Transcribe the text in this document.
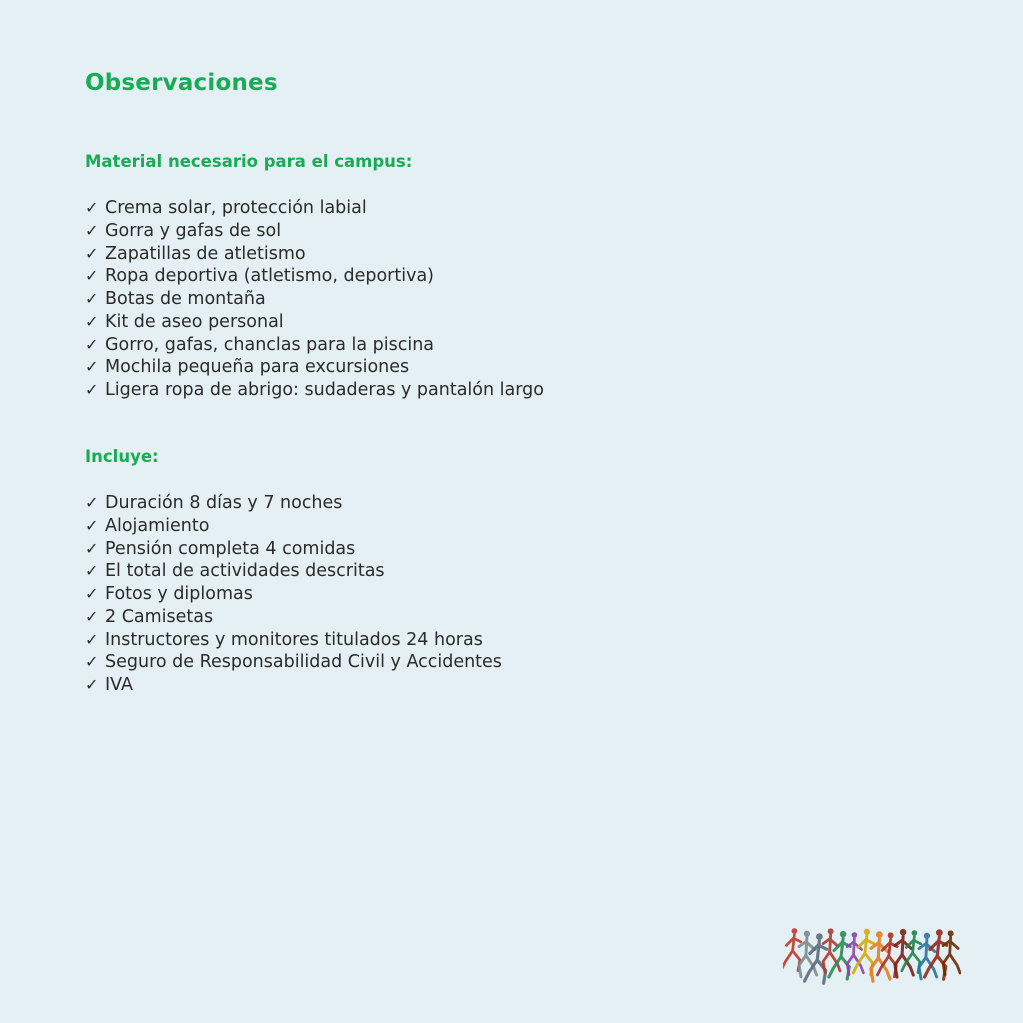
Observaciones
Material necesario para el campus:
✓ Crema solar, protección labial
✓ Gorra y gafas de sol
✓ Zapatillas de atletismo
✓ Ropa deportiva (atletismo, deportiva)
✓ Botas de montaña
✓ Kit de aseo personal
✓ Gorro, gafas, chanclas para la piscina
✓ Mochila pequeña para excursiones
✓ Ligera ropa de abrigo: sudaderas y pantalón largo
Incluye:
✓ Duración 8 días y 7 noches
✓ Alojamiento
✓ Pensión completa 4 comidas
✓ El total de actividades descritas
✓ Fotos y diplomas
✓ 2 Camisetas
✓ Instructores y monitores titulados 24 horas
✓ Seguro de Responsabilidad Civil y Accidentes
✓ IVA
